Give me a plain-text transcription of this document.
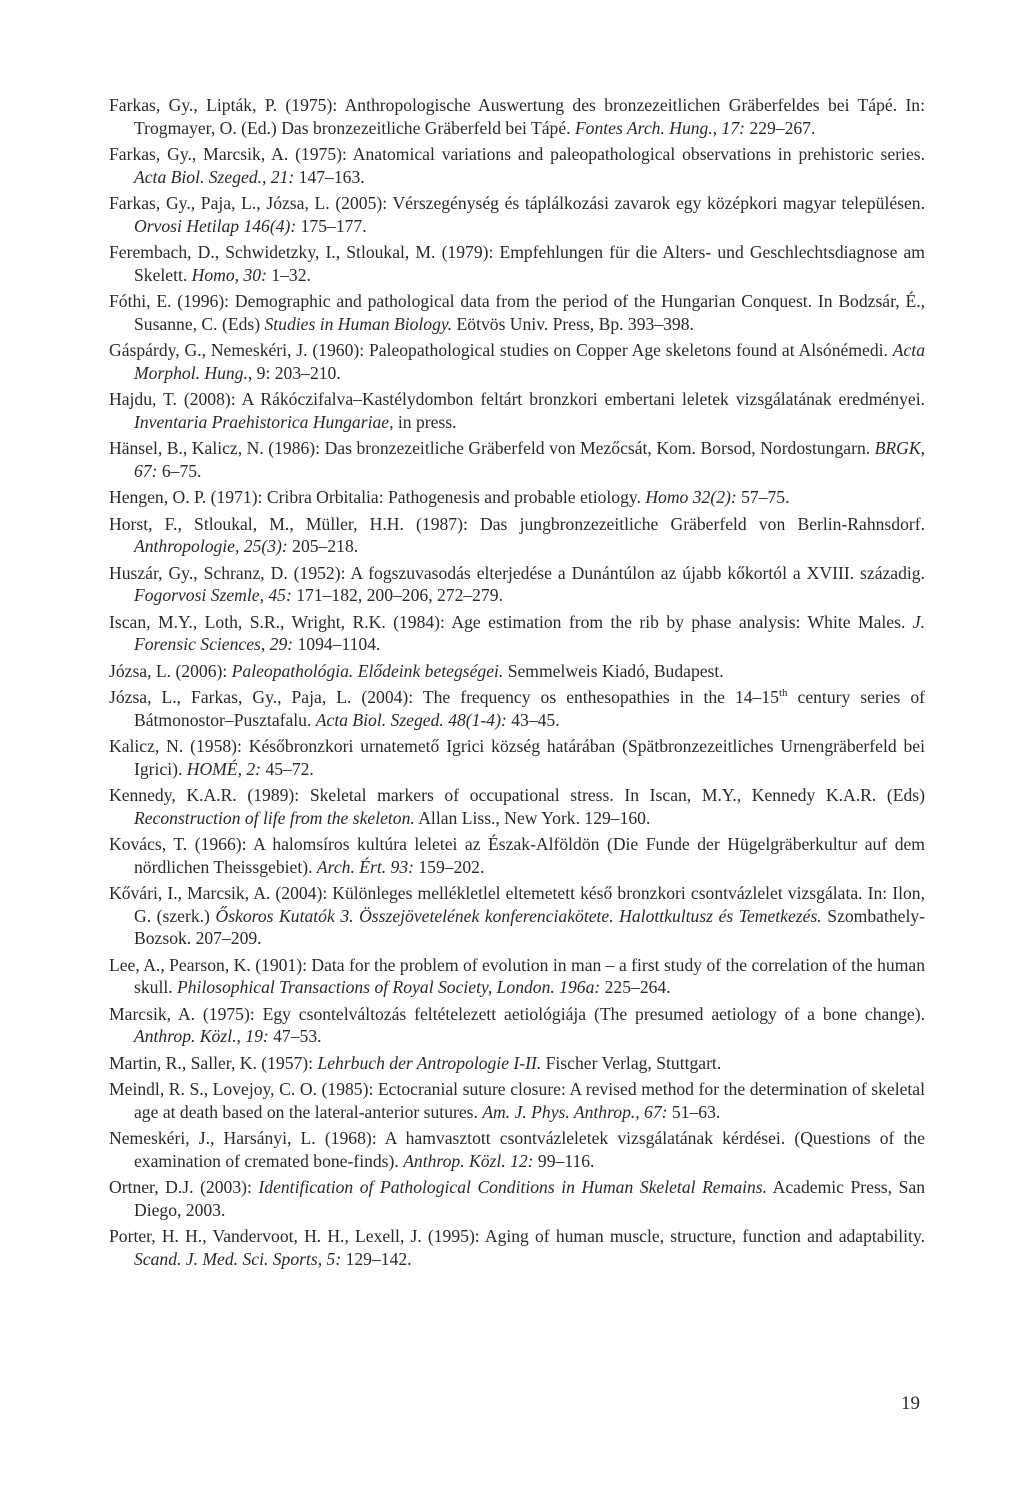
Farkas, Gy., Lipták, P. (1975): Anthropologische Auswertung des bronzezeitlichen Gräberfeldes bei Tápé. In: Trogmayer, O. (Ed.) Das bronzezeitliche Gräberfeld bei Tápé. Fontes Arch. Hung., 17: 229–267.

Farkas, Gy., Marcsik, A. (1975): Anatomical variations and paleopathological observations in prehistoric series. Acta Biol. Szeged., 21: 147–163.

Farkas, Gy., Paja, L., Józsa, L. (2005): Vérszegénység és táplálkozási zavarok egy középkori magyar településen. Orvosi Hetilap 146(4): 175–177.

Ferembach, D., Schwidetzky, I., Stloukal, M. (1979): Empfehlungen für die Alters- und Geschlechtsdiagnose am Skelett. Homo, 30: 1–32.

Fóthi, E. (1996): Demographic and pathological data from the period of the Hungarian Conquest. In Bodzsár, É., Susanne, C. (Eds) Studies in Human Biology. Eötvös Univ. Press, Bp. 393–398.

Gáspárdy, G., Nemeskéri, J. (1960): Paleopathological studies on Copper Age skeletons found at Alsónémedi. Acta Morphol. Hung., 9: 203–210.

Hajdu, T. (2008): A Rákóczifalva–Kastélydombon feltárt bronzkori embertani leletek vizsgálatának eredményei. Inventaria Praehistorica Hungariae, in press.

Hänsel, B., Kalicz, N. (1986): Das bronzezeitliche Gräberfeld von Mezőcsát, Kom. Borsod, Nordostungarn. BRGK, 67: 6–75.

Hengen, O. P. (1971): Cribra Orbitalia: Pathogenesis and probable etiology. Homo 32(2): 57–75.

Horst, F., Stloukal, M., Müller, H.H. (1987): Das jungbronzezeitliche Gräberfeld von Berlin-Rahnsdorf. Anthropologie, 25(3): 205–218.

Huszár, Gy., Schranz, D. (1952): A fogszuvasodás elterjedése a Dunántúlon az újabb kőkortól a XVIII. századig. Fogorvosi Szemle, 45: 171–182, 200–206, 272–279.

Iscan, M.Y., Loth, S.R., Wright, R.K. (1984): Age estimation from the rib by phase analysis: White Males. J. Forensic Sciences, 29: 1094–1104.

Józsa, L. (2006): Paleopathológia. Elődeink betegségei. Semmelweis Kiadó, Budapest.

Józsa, L., Farkas, Gy., Paja, L. (2004): The frequency os enthesopathies in the 14–15th century series of Bátmonostor–Pusztafalu. Acta Biol. Szeged. 48(1-4): 43–45.

Kalicz, N. (1958): Későbronzkori urnatemető Igrici község határában (Spätbronzezeitliches Urnengräberfeld bei Igrici). HOMÉ, 2: 45–72.

Kennedy, K.A.R. (1989): Skeletal markers of occupational stress. In Iscan, M.Y., Kennedy K.A.R. (Eds) Reconstruction of life from the skeleton. Allan Liss., New York. 129–160.

Kovács, T. (1966): A halomsíros kultúra leletei az Észak-Alföldön (Die Funde der Hügelgräberkultur auf dem nördlichen Theissgebiet). Arch. Ért. 93: 159–202.

Kővári, I., Marcsik, A. (2004): Különleges mellékletlel eltemetett késő bronzkori csontvázlelet vizsgálata. In: Ilon, G. (szerk.) Őskoros Kutatók 3. Összejövetelének konferenciakötete. Halottkultusz és Temetkezés. Szombathely-Bozsok. 207–209.

Lee, A., Pearson, K. (1901): Data for the problem of evolution in man – a first study of the correlation of the human skull. Philosophical Transactions of Royal Society, London. 196a: 225–264.

Marcsik, A. (1975): Egy csontelváltozás feltételezett aetiológiája (The presumed aetiology of a bone change). Anthrop. Közl., 19: 47–53.

Martin, R., Saller, K. (1957): Lehrbuch der Antropologie I-II. Fischer Verlag, Stuttgart.

Meindl, R. S., Lovejoy, C. O. (1985): Ectocranial suture closure: A revised method for the determination of skeletal age at death based on the lateral-anterior sutures. Am. J. Phys. Anthrop., 67: 51–63.

Nemeskéri, J., Harsányi, L. (1968): A hamvasztott csontvázleletek vizsgálatának kérdései. (Questions of the examination of cremated bone-finds). Anthrop. Közl. 12: 99–116.

Ortner, D.J. (2003): Identification of Pathological Conditions in Human Skeletal Remains. Academic Press, San Diego, 2003.

Porter, H. H., Vandervoot, H. H., Lexell, J. (1995): Aging of human muscle, structure, function and adaptability. Scand. J. Med. Sci. Sports, 5: 129–142.

19
